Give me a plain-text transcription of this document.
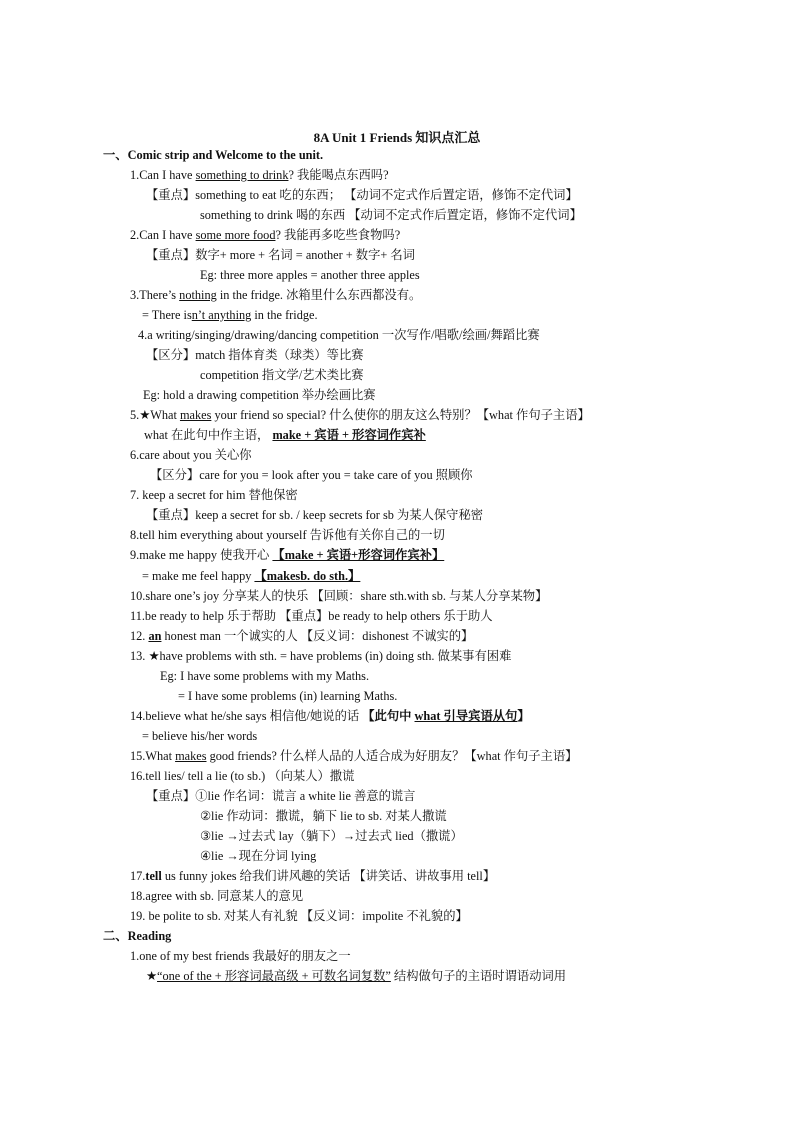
8A Unit 1 Friends 知识点汇总
一、Comic strip and Welcome to the unit.
1.Can I have something to drink? 我能喝点东西吗?
【重点】something to eat 吃的东西； 【动词不定式作后置定语，修饰不定代词】
something to drink 喝的东西 【动词不定式作后置定语，修饰不定代词】
2.Can I have some more food? 我能再多吃些食物吗?
【重点】数字+ more + 名词 = another + 数字+ 名词
Eg: three more apples = another three apples
3.There’s nothing in the fridge. 冰箱里什么东西都没有。
= There isn’t anything in the fridge.
4.a writing/singing/drawing/dancing competition 一次写作/唱歌/绘画/舞蹈比赛
【区分】match 指体育类（球类）等比赛
competition 指文学/艺术类比赛
Eg: hold a drawing competition 举办绘画比赛
5.★What makes your friend so special? 什么使你的朋友这么特别？【what 作句子主语】
what 在此句中作主语， make + 宾语 + 形容词作宾补
6.care about you 关心你
【区分】care for you = look after you = take care of you 照顾你
7. keep a secret for him 替他保密
【重点】keep a secret for sb. / keep secrets for sb 为某人保守秘密
8.tell him everything about yourself 告诉他有关你自己的一切
9.make me happy 使我开心 【make + 宾语+形容词作宾补】
= make me feel happy 【makesb. do sth.】
10.share one’s joy 分享某人的快乐 【回顾：share sth.with sb. 与某人分享某物】
11.be ready to help 乐于帮助 【重点】be ready to help others 乐于助人
12. an honest man 一个诚实的人 【反义词：dishonest 不诚实的】
13. ★have problems with sth. = have problems (in) doing sth. 做某事有困难
Eg: I have some problems with my Maths.
= I have some problems (in) learning Maths.
14.believe what he/she says 相信他/她说的话 【此句中 what 引导宾语从句】
= believe his/her words
15.What makes good friends? 什么样人品的人适合成为好朋友？【what 作句子主语】
16.tell lies/ tell a lie (to sb.) （向某人）撒谎
【重点】①lie 作名词：谎言 a white lie 善意的谎言
②lie 作动词：撒谎，躺下 lie to sb. 对某人撒谎
③lie →过去式 lay（躺下）→过去式 lied（撒谎）
④lie →现在分词 lying
17.tell us funny jokes 给我们讲风趣的笑话 【讲笑话、讲故事用 tell】
18.agree with sb. 同意某人的意见
19. be polite to sb. 对某人有礼貌 【反义词：impolite 不礼貌的】
二、Reading
1.one of my best friends 我最好的朋友之一
★“one of the + 形容词最高级 + 可数名词复数” 结构做句子的主语时谓语动词用
